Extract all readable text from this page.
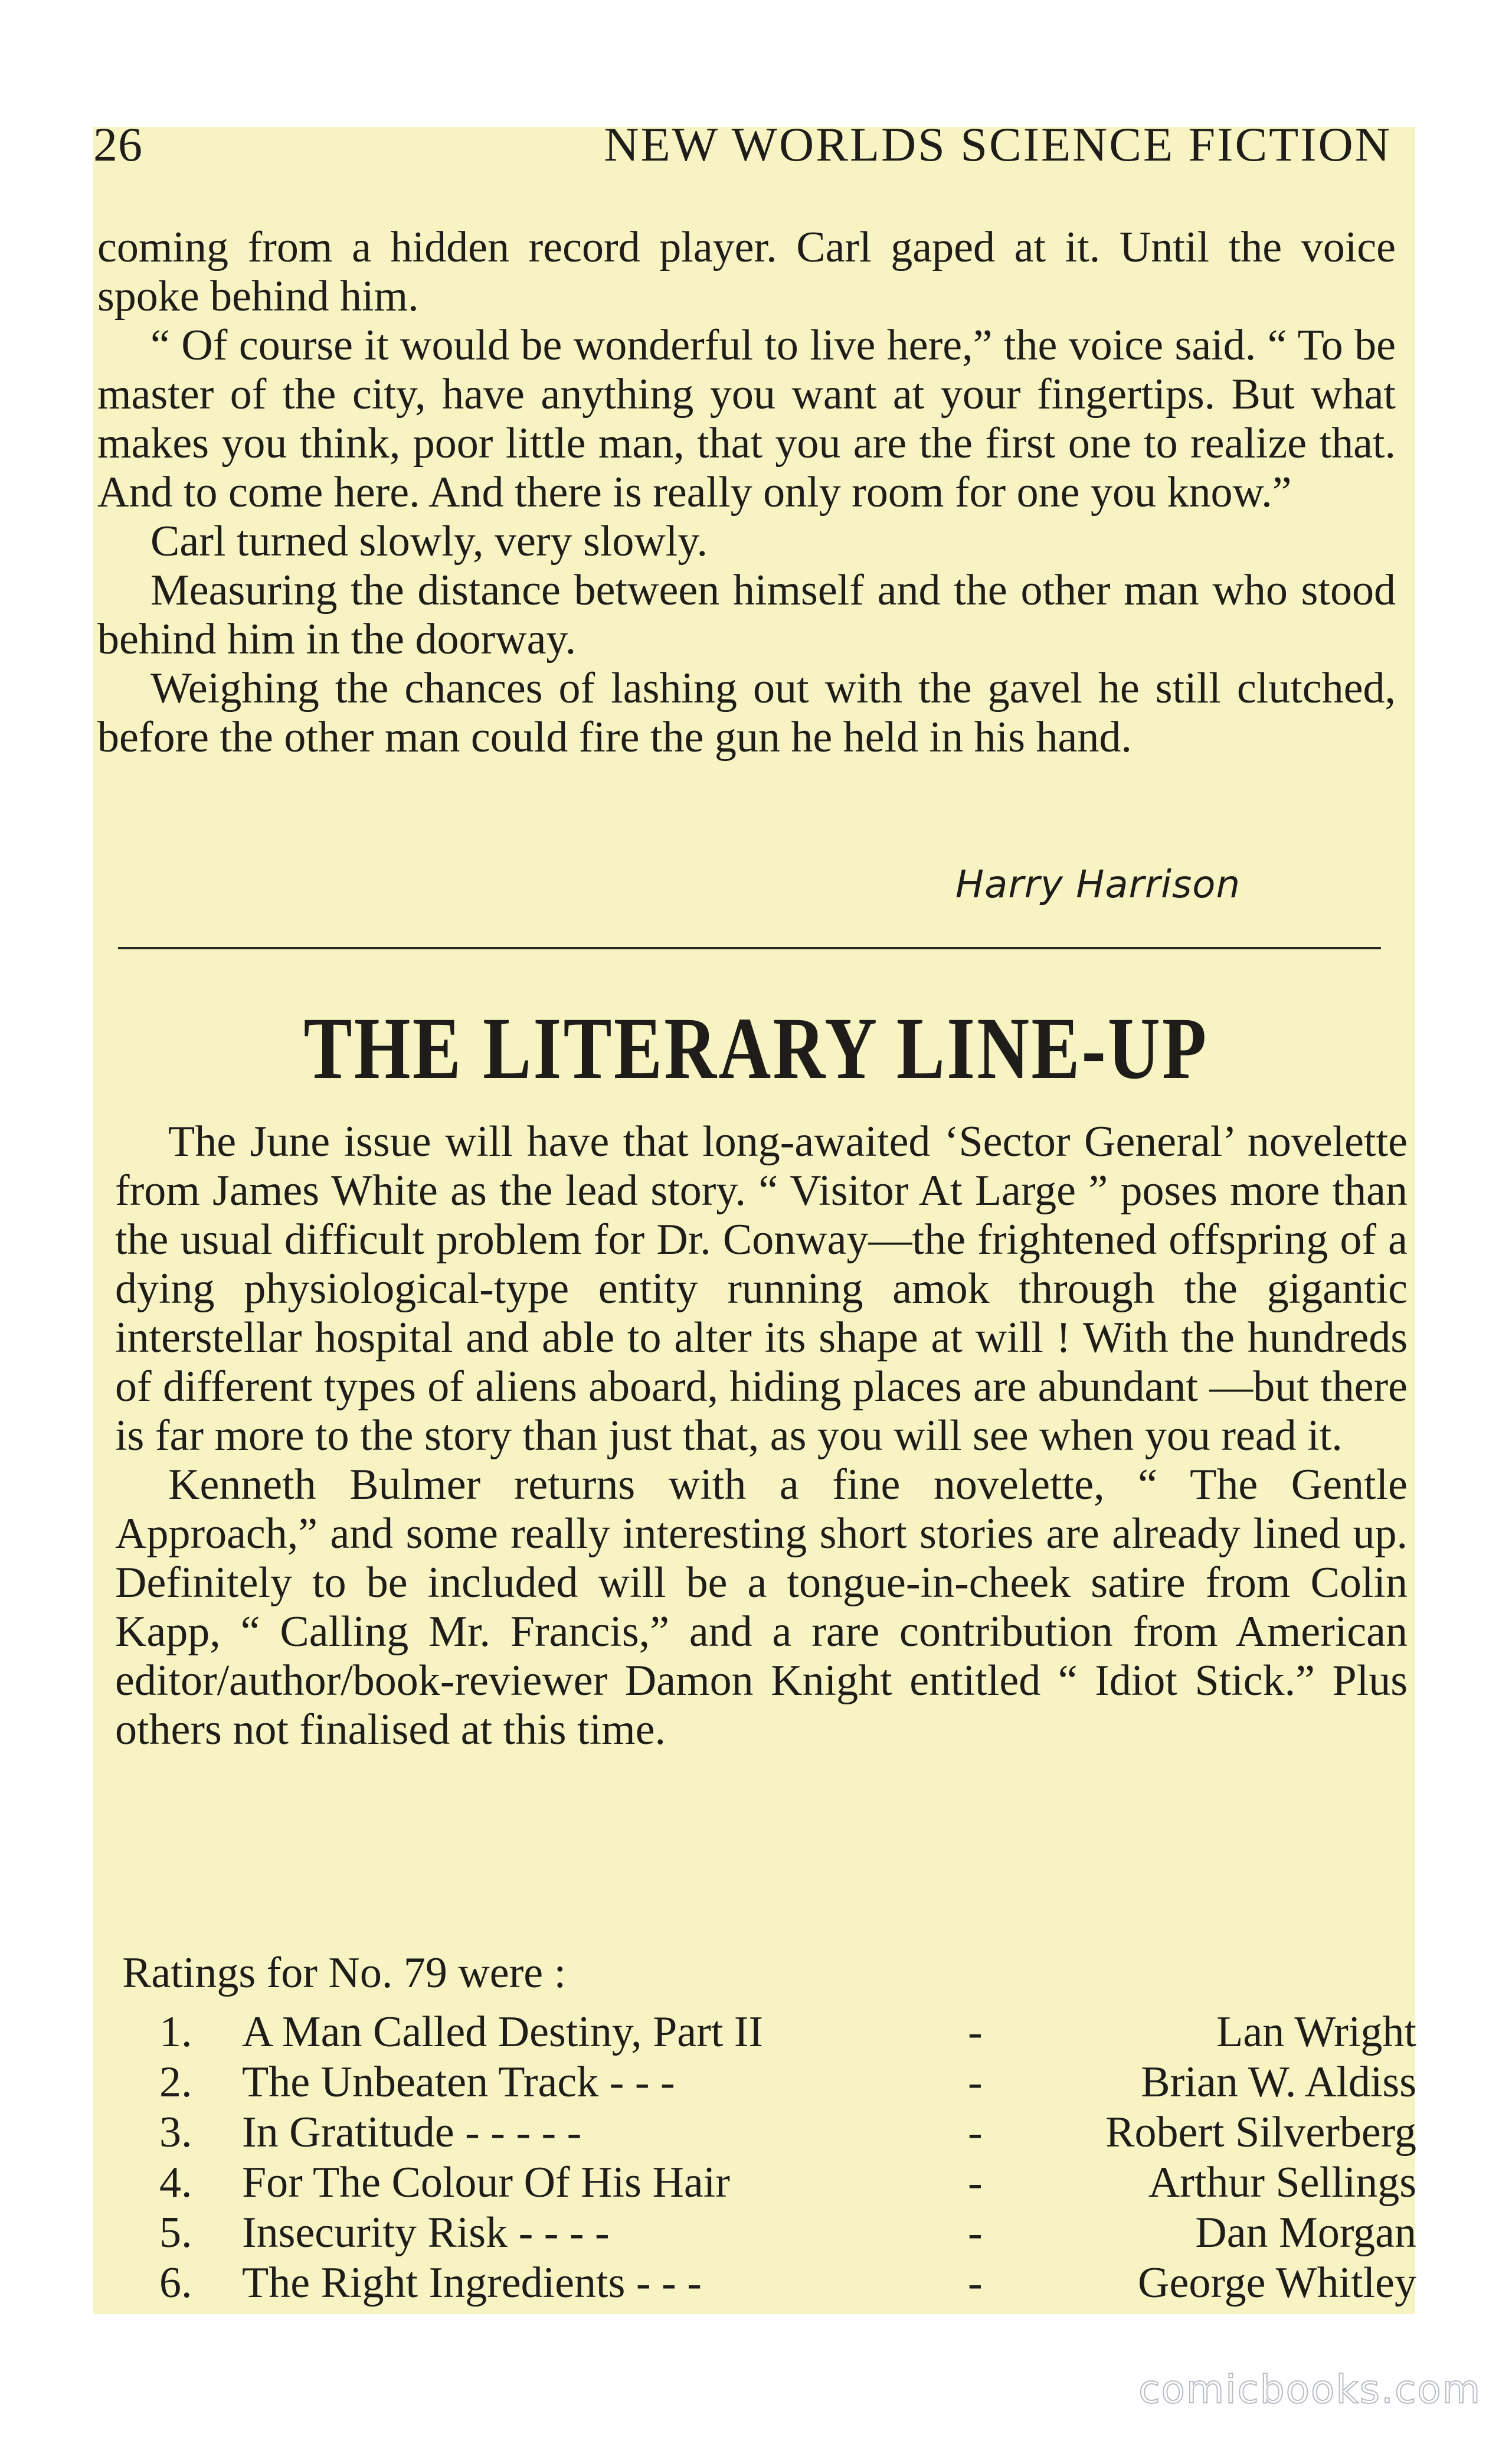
26	NEW WORLDS SCIENCE FICTION

coming from a hidden record player. Carl gaped at it. Until the voice spoke behind him.

“ Of course it would be wonderful to live here,” the voice said. “ To be master of the city, have anything you want at your fingertips. But what makes you think, poor little man, that you are the first one to realize that. And to come here. And there is really only room for one you know.”

Carl turned slowly, very slowly.

Measuring the distance between himself and the other man who stood behind him in the doorway.

Weighing the chances of lashing out with the gavel he still clutched, before the other man could fire the gun he held in his hand.

Harry Harrison
THE LITERARY LINE-UP

The June issue will have that long-awaited ‘Sector General’ novelette from James White as the lead story. “ Visitor At Large ” poses more than the usual difficult problem for Dr. Conway—the frightened offspring of a dying physiological-type entity running amok through the gigantic interstellar hospital and able to alter its shape at will ! With the hundreds of different types of aliens aboard, hiding places are abundant —but there is far more to the story than just that, as you will see when you read it.

Kenneth Bulmer returns with a fine novelette, “ The Gentle Approach,” and some really interesting short stories are already lined up. Definitely to be included will be a tongue-in-cheek satire from Colin Kapp, “ Calling Mr. Francis,” and a rare contribution from American editor/author/book-reviewer Damon Knight entitled “ Idiot Stick.” Plus others not finalised at this time.

Ratings for No. 79 were :
1.	A Man Called Destiny, Part II	-	Lan Wright
2.	The Unbeaten Track - - -	-	Brian W. Aldiss
3.	In Gratitude - - - - -	-	Robert Silverberg
4.	For The Colour Of His Hair	-	Arthur Sellings
5.	Insecurity Risk - - - -	-	Dan Morgan
6.	The Right Ingredients - - -	-	George Whitley
comicbooks.com
